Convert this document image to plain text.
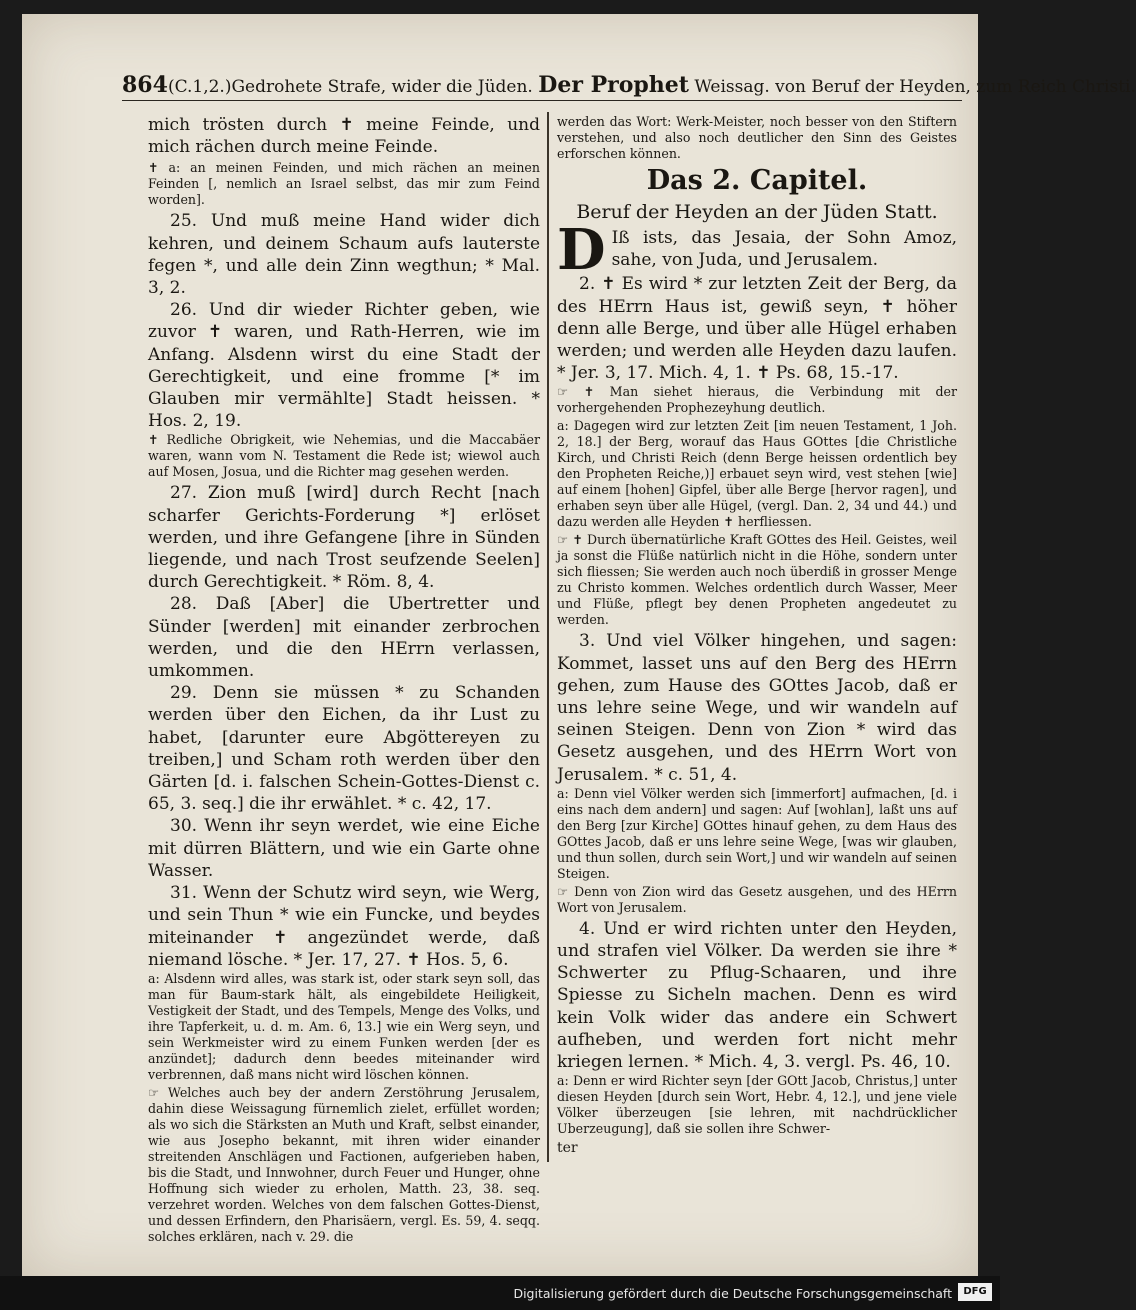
864(C.1,2.)Gedrohete Strafe, wider die Jüden. Der Prophet Weissag. von Beruf der Heyden, zum Reich Christi.

mich trösten durch ✝ meine Feinde, und mich rächen durch meine Feinde.

✝ a: an meinen Feinden, und mich rächen an meinen Feinden [, nemlich an Israel selbst, das mir zum Feind worden].

25. Und muß meine Hand wider dich kehren, und deinem Schaum aufs lauterste fegen *, und alle dein Zinn wegthun; * Mal. 3, 2.

26. Und dir wieder Richter geben, wie zuvor ✝ waren, und Rath-Herren, wie im Anfang. Alsdenn wirst du eine Stadt der Gerechtigkeit, und eine fromme [* im Glauben mir vermählte] Stadt heissen. * Hos. 2, 19.

✝ Redliche Obrigkeit, wie Nehemias, und die Maccabäer waren, wann vom N. Testament die Rede ist; wiewol auch auf Mosen, Josua, und die Richter mag gesehen werden.

27. Zion muß [wird] durch Recht [nach scharfer Gerichts-Forderung *] erlöset werden, und ihre Gefangene [ihre in Sünden liegende, und nach Trost seufzende Seelen] durch Gerechtigkeit. * Röm. 8, 4.

28. Daß [Aber] die Ubertretter und Sünder [werden] mit einander zerbrochen werden, und die den HErrn verlassen, umkommen.

29. Denn sie müssen * zu Schanden werden über den Eichen, da ihr Lust zu habet, [darunter eure Abgöttereyen zu treiben,] und Scham roth werden über den Gärten [d. i. falschen Schein-Gottes-Dienst c. 65, 3. seq.] die ihr erwählet. * c. 42, 17.

30. Wenn ihr seyn werdet, wie eine Eiche mit dürren Blättern, und wie ein Garte ohne Wasser.

31. Wenn der Schutz wird seyn, wie Werg, und sein Thun * wie ein Funcke, und beydes miteinander ✝ angezündet werde, daß niemand lösche. * Jer. 17, 27. ✝ Hos. 5, 6.

a: Alsdenn wird alles, was stark ist, oder stark seyn soll, das man für Baum-stark hält, als eingebildete Heiligkeit, Vestigkeit der Stadt, und des Tempels, Menge des Volks, und ihre Tapferkeit, u. d. m. Am. 6, 13.] wie ein Werg seyn, und sein Werkmeister wird zu einem Funken werden [der es anzündet]; dadurch denn beedes miteinander wird verbrennen, daß mans nicht wird löschen können.

☞ Welches auch bey der andern Zerstöhrung Jerusalem, dahin diese Weissagung fürnemlich zielet, erfüllet worden; als wo sich die Stärksten an Muth und Kraft, selbst einander, wie aus Josepho bekannt, mit ihren wider einander streitenden Anschlägen und Factionen, aufgerieben haben, bis die Stadt, und Innwohner, durch Feuer und Hunger, ohne Hoffnung sich wieder zu erholen, Matth. 23, 38. seq. verzehret worden. Welches von dem falschen Gottes-Dienst, und dessen Erfindern, den Pharisäern, vergl. Es. 59, 4. seqq. solches erklären, nach v. 29. die

werden das Wort: Werk-Meister, noch besser von den Stiftern verstehen, und also noch deutlicher den Sinn des Geistes erforschen können.

Das 2. Capitel.
Beruf der Heyden an der Jüden Statt.

D Iß ists, das Jesaia, der Sohn Amoz, sahe, von Juda, und Jerusalem.

2. ✝ Es wird * zur letzten Zeit der Berg, da des HErrn Haus ist, gewiß seyn, ✝ höher denn alle Berge, und über alle Hügel erhaben werden; und werden alle Heyden dazu laufen. * Jer. 3, 17. Mich. 4, 1. ✝ Ps. 68, 15.-17.

☞ ✝ Man siehet hieraus, die Verbindung mit der vorhergehenden Prophezeyhung deutlich.

a: Dagegen wird zur letzten Zeit [im neuen Testament, 1 Joh. 2, 18.] der Berg, worauf das Haus GOttes [die Christliche Kirch, und Christi Reich (denn Berge heissen ordentlich bey den Propheten Reiche,)] erbauet seyn wird, vest stehen [wie] auf einem [hohen] Gipfel, über alle Berge [hervor ragen], und erhaben seyn über alle Hügel, (vergl. Dan. 2, 34 und 44.) und dazu werden alle Heyden ✝ herfliessen.

☞ ✝ Durch übernatürliche Kraft GOttes des Heil. Geistes, weil ja sonst die Flüße natürlich nicht in die Höhe, sondern unter sich fliessen; Sie werden auch noch überdiß in grosser Menge zu Christo kommen. Welches ordentlich durch Wasser, Meer und Flüße, pflegt bey denen Propheten angedeutet zu werden.

3. Und viel Völker hingehen, und sagen: Kommet, lasset uns auf den Berg des HErrn gehen, zum Hause des GOttes Jacob, daß er uns lehre seine Wege, und wir wandeln auf seinen Steigen. Denn von Zion * wird das Gesetz ausgehen, und des HErrn Wort von Jerusalem. * c. 51, 4.

a: Denn viel Völker werden sich [immerfort] aufmachen, [d. i eins nach dem andern] und sagen: Auf [wohlan], laßt uns auf den Berg [zur Kirche] GOttes hinauf gehen, zu dem Haus des GOttes Jacob, daß er uns lehre seine Wege, [was wir glauben, und thun sollen, durch sein Wort,] und wir wandeln auf seinen Steigen.

☞ Denn von Zion wird das Gesetz ausgehen, und des HErrn Wort von Jerusalem.

4. Und er wird richten unter den Heyden, und strafen viel Völker. Da werden sie ihre * Schwerter zu Pflug-Schaaren, und ihre Spiesse zu Sicheln machen. Denn es wird kein Volk wider das andere ein Schwert aufheben, und werden fort nicht mehr kriegen lernen. * Mich. 4, 3. vergl. Ps. 46, 10.

a: Denn er wird Richter seyn [der GOtt Jacob, Christus,] unter diesen Heyden [durch sein Wort, Hebr. 4, 12.], und jene viele Völker überzeugen [sie lehren, mit nachdrücklicher Uberzeugung], daß sie sollen ihre Schwer-

ter

Digitalisierung gefördert durch die Deutsche Forschungsgemeinschaft	DFG
